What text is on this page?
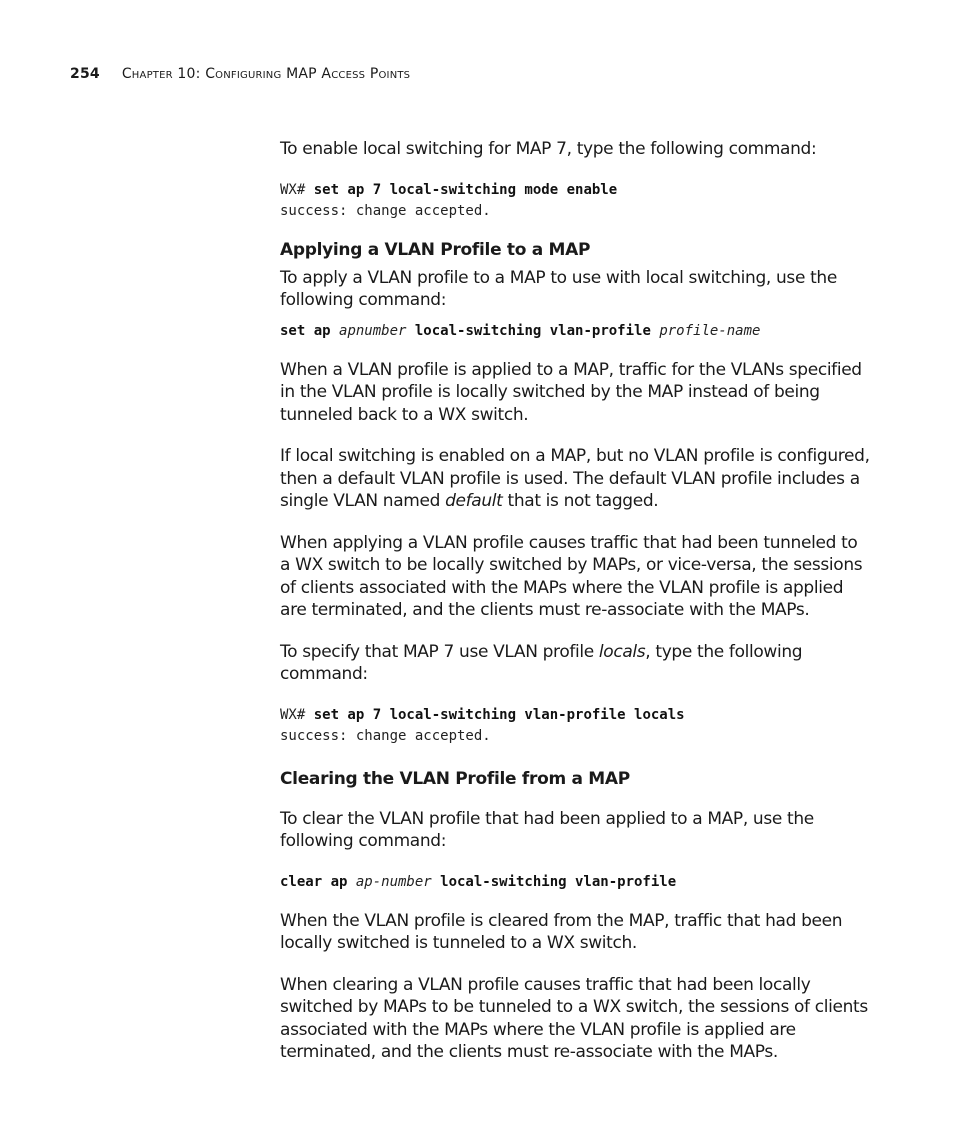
254 Chapter 10: Configuring MAP Access Points

To enable local switching for MAP 7, type the following command:

WX# set ap 7 local-switching mode enable
success: change accepted.
Applying a VLAN Profile to a MAP

To apply a VLAN profile to a MAP to use with local switching, use the following command:

set ap apnumber local-switching vlan-profile profile-name

When a VLAN profile is applied to a MAP, traffic for the VLANs specified in the VLAN profile is locally switched by the MAP instead of being tunneled back to a WX switch.

If local switching is enabled on a MAP, but no VLAN profile is configured, then a default VLAN profile is used. The default VLAN profile includes a single VLAN named default that is not tagged.

When applying a VLAN profile causes traffic that had been tunneled to a WX switch to be locally switched by MAPs, or vice-versa, the sessions of clients associated with the MAPs where the VLAN profile is applied are terminated, and the clients must re-associate with the MAPs.

To specify that MAP 7 use VLAN profile locals, type the following command:

WX# set ap 7 local-switching vlan-profile locals
success: change accepted.
Clearing the VLAN Profile from a MAP

To clear the VLAN profile that had been applied to a MAP, use the following command:

clear ap ap-number local-switching vlan-profile

When the VLAN profile is cleared from the MAP, traffic that had been locally switched is tunneled to a WX switch.

When clearing a VLAN profile causes traffic that had been locally switched by MAPs to be tunneled to a WX switch, the sessions of clients associated with the MAPs where the VLAN profile is applied are terminated, and the clients must re-associate with the MAPs.
